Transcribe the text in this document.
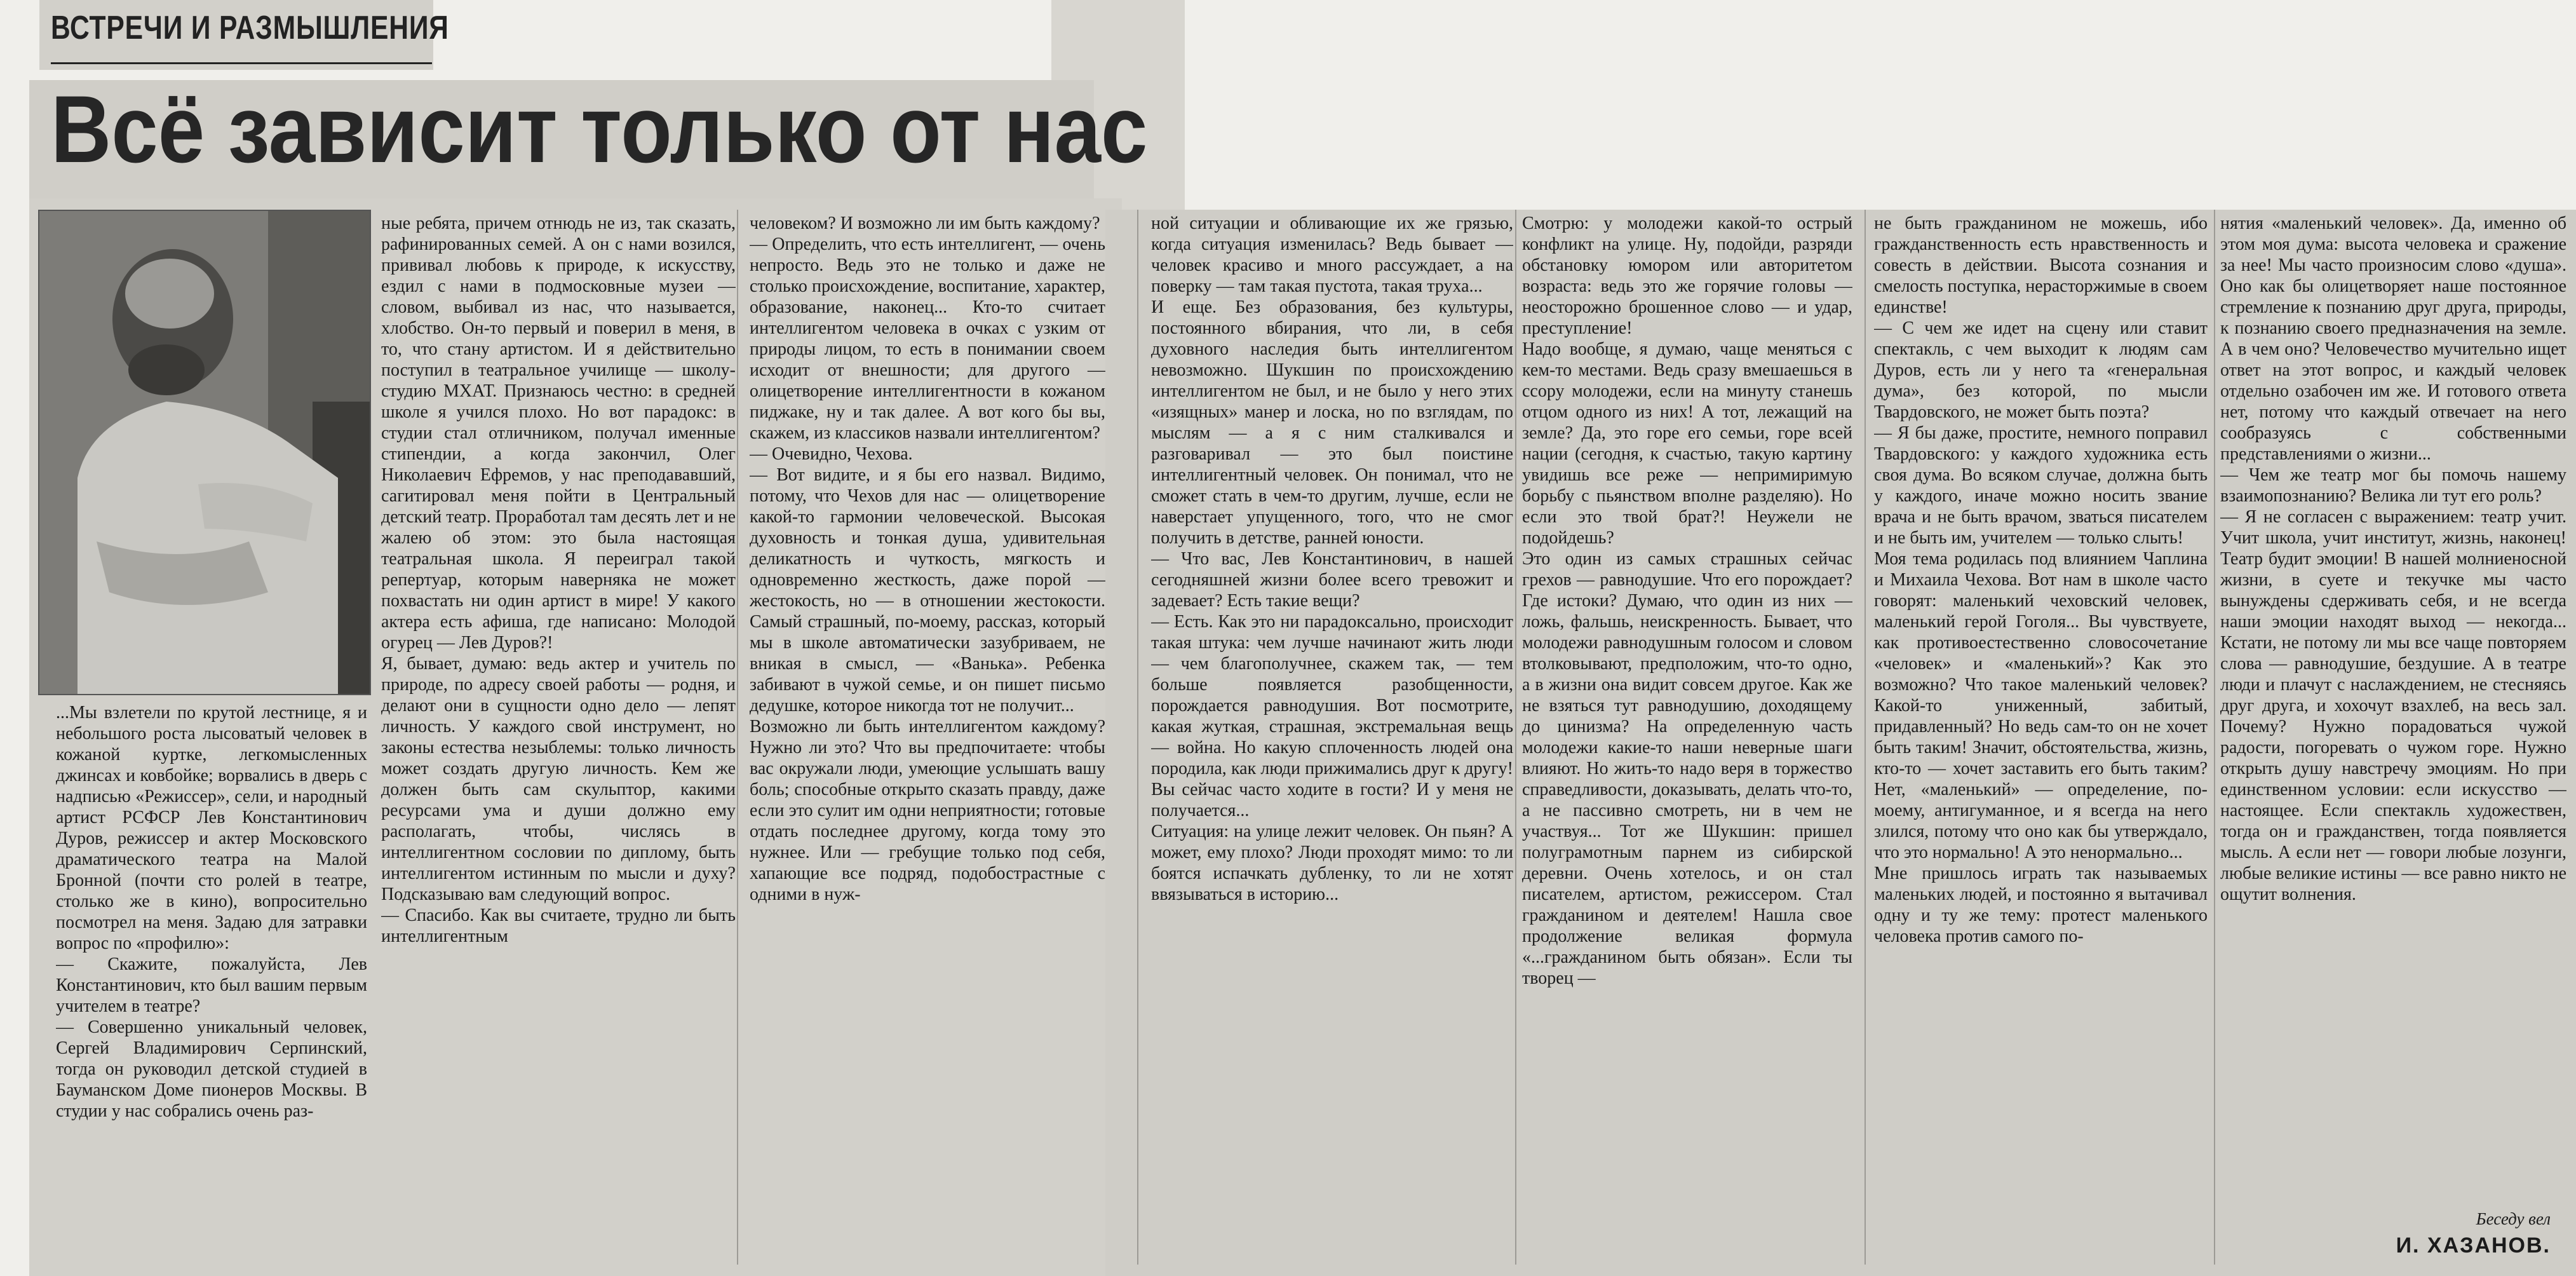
ВСТРЕЧИ И РАЗМЫШЛЕНИЯ
Всё зависит только от нас
...Мы взлетели по крутой лестнице, я и небольшого роста лысоватый человек в кожаной куртке, легкомысленных джинсах и ковбойке; ворвались в дверь с надписью «Режиссер», сели, и народный артист РСФСР Лев Константинович Дуров, режиссер и актер Московского драматического театра на Малой Бронной (почти сто ролей в театре, столько же в кино), вопросительно посмотрел на меня. Задаю для затравки вопрос по «профилю»:
— Скажите, пожалуйста, Лев Константинович, кто был вашим первым учителем в театре?
— Совершенно уникальный человек, Сергей Владимирович Серпинский, тогда он руководил детской студией в Бауманском Доме пионеров Москвы. В студии у нас собрались очень раз-
ные ребята, причем отнюдь не из, так сказать, рафинированных семей. А он с нами возился, прививал любовь к природе, к искусству, ездил с нами в подмосковные музеи — словом, выбивал из нас, что называется, хлобство. Он-то первый и поверил в меня, в то, что стану артистом. И я действительно поступил в театральное училище — школу-студию МХАТ. Признаюсь честно: в средней школе я учился плохо. Но вот парадокс: в студии стал отличником, получал именные стипендии, а когда закончил, Олег Николаевич Ефремов, у нас преподававший, сагитировал меня пойти в Центральный детский театр. Проработал там десять лет и не жалею об этом: это была настоящая театральная школа. Я переиграл такой репертуар, которым наверняка не может похвастать ни один артист в мире! У какого актера есть афиша, где написано: Молодой огурец — Лев Дуров?!
Я, бывает, думаю: ведь актер и учитель по природе, по адресу своей работы — родня, и делают они в сущности одно дело — лепят личность. У каждого свой инструмент, но законы естества незыблемы: только личность может создать другую личность. Кем же должен быть сам скульптор, какими ресурсами ума и души должно ему располагать, чтобы, числясь в интеллигентном сословии по диплому, быть интеллигентом истинным по мысли и духу? Подсказываю вам следующий вопрос.
— Спасибо. Как вы считаете, трудно ли быть интеллигентным
человеком? И возможно ли им быть каждому?
— Определить, что есть интеллигент, — очень непросто. Ведь это не только и даже не столько происхождение, воспитание, характер, образование, наконец... Кто-то считает интеллигентом человека в очках с узким от природы лицом, то есть в понимании своем исходит от внешности; для другого — олицетворение интеллигентности в кожаном пиджаке, ну и так далее. А вот кого бы вы, скажем, из классиков назвали интеллигентом?
— Очевидно, Чехова.
— Вот видите, и я бы его назвал. Видимо, потому, что Чехов для нас — олицетворение какой-то гармонии человеческой. Высокая духовность и тонкая душа, удивительная деликатность и чуткость, мягкость и одновременно жесткость, даже порой — жестокость, но — в отношении жестокости. Самый страшный, по-моему, рассказ, который мы в школе автоматически зазубриваем, не вникая в смысл, — «Ванька». Ребенка забивают в чужой семье, и он пишет письмо дедушке, которое никогда тот не получит...
Возможно ли быть интеллигентом каждому? Нужно ли это? Что вы предпочитаете: чтобы вас окружали люди, умеющие услышать вашу боль; способные открыто сказать правду, даже если это сулит им одни неприятности; готовые отдать последнее другому, когда тому это нужнее. Или — гребущие только под себя, хапающие все подряд, подобострастные с одними в нуж-
ной ситуации и обливающие их же грязью, когда ситуация изменилась? Ведь бывает — человек красиво и много рассуждает, а на поверку — там такая пустота, такая труха...
И еще. Без образования, без культуры, постоянного вбирания, что ли, в себя духовного наследия быть интеллигентом невозможно. Шукшин по происхождению интеллигентом не был, и не было у него этих «изящных» манер и лоска, но по взглядам, по мыслям — а я с ним сталкивался и разговаривал — это был поистине интеллигентный человек. Он понимал, что не сможет стать в чем-то другим, лучше, если не наверстает упущенного, того, что не смог получить в детстве, ранней юности.
— Что вас, Лев Константинович, в нашей сегодняшней жизни более всего тревожит и задевает? Есть такие вещи?
— Есть. Как это ни парадоксально, происходит такая штука: чем лучше начинают жить люди — чем благополучнее, скажем так, — тем больше появляется разобщенности, порождается равнодушия. Вот посмотрите, какая жуткая, страшная, экстремальная вещь — война. Но какую сплоченность людей она породила, как люди прижимались друг к другу! Вы сейчас часто ходите в гости? И у меня не получается...
Ситуация: на улице лежит человек. Он пьян? А может, ему плохо? Люди проходят мимо: то ли боятся испачкать дубленку, то ли не хотят ввязываться в историю...
Смотрю: у молодежи какой-то острый конфликт на улице. Ну, подойди, разряди обстановку юмором или авторитетом возраста: ведь это же горячие головы — неосторожно брошенное слово — и удар, преступление!
Надо вообще, я думаю, чаще меняться с кем-то местами. Ведь сразу вмешаешься в ссору молодежи, если на минуту станешь отцом одного из них! А тот, лежащий на земле? Да, это горе его семьи, горе всей нации (сегодня, к счастью, такую картину увидишь все реже — непримиримую борьбу с пьянством вполне разделяю). Но если это твой брат?! Неужели не подойдешь?
Это один из самых страшных сейчас грехов — равнодушие. Что его порождает? Где истоки? Думаю, что один из них — ложь, фальшь, неискренность. Бывает, что молодежи равнодушным голосом и словом втолковывают, предположим, что-то одно, а в жизни она видит совсем другое. Как же не взяться тут равнодушию, доходящему до цинизма? На определенную часть молодежи какие-то наши неверные шаги влияют. Но жить-то надо веря в торжество справедливости, доказывать, делать что-то, а не пассивно смотреть, ни в чем не участвуя... Тот же Шукшин: пришел полуграмотным парнем из сибирской деревни. Очень хотелось, и он стал писателем, артистом, режиссером. Стал гражданином и деятелем! Нашла свое продолжение великая формула «...гражданином быть обязан». Если ты творец —
не быть гражданином не можешь, ибо гражданственность есть нравственность и совесть в действии. Высота сознания и смелость поступка, нерасторжимые в своем единстве!
— С чем же идет на сцену или ставит спектакль, с чем выходит к людям сам Дуров, есть ли у него та «генеральная дума», без которой, по мысли Твардовского, не может быть поэта?
— Я бы даже, простите, немного поправил Твардовского: у каждого художника есть своя дума. Во всяком случае, должна быть у каждого, иначе можно носить звание врача и не быть врачом, зваться писателем и не быть им, учителем — только слыть!
Моя тема родилась под влиянием Чаплина и Михаила Чехова. Вот нам в школе часто говорят: маленький чеховский человек, маленький герой Гоголя... Вы чувствуете, как противоестественно словосочетание «человек» и «маленький»? Как это возможно? Что такое маленький человек? Какой-то униженный, забитый, придавленный? Но ведь сам-то он не хочет быть таким! Значит, обстоятельства, жизнь, кто-то — хочет заставить его быть таким? Нет, «маленький» — определение, по-моему, антигуманное, и я всегда на него злился, потому что оно как бы утверждало, что это нормально! А это ненормально...
Мне пришлось играть так называемых маленьких людей, и постоянно я вытачивал одну и ту же тему: протест маленького человека против самого по-
нятия «маленький человек». Да, именно об этом моя дума: высота человека и сражение за нее! Мы часто произносим слово «душа». Оно как бы олицетворяет наше постоянное стремление к познанию друг друга, природы, к познанию своего предназначения на земле. А в чем оно? Человечество мучительно ищет ответ на этот вопрос, и каждый человек отдельно озабочен им же. И готового ответа нет, потому что каждый отвечает на него сообразуясь с собственными представлениями о жизни...
— Чем же театр мог бы помочь нашему взаимопознанию? Велика ли тут его роль?
— Я не согласен с выражением: театр учит. Учит школа, учит институт, жизнь, наконец! Театр будит эмоции! В нашей молниеносной жизни, в суете и текучке мы часто вынуждены сдерживать себя, и не всегда наши эмоции находят выход — некогда... Кстати, не потому ли мы все чаще повторяем слова — равнодушие, бездушие. А в театре люди и плачут с наслаждением, не стесняясь друг друга, и хохочут взахлеб, на весь зал. Почему? Нужно порадоваться чужой радости, погоревать о чужом горе. Нужно открыть душу навстречу эмоциям. Но при единственном условии: если искусство — настоящее. Если спектакль художествен, тогда он и гражданствен, тогда появляется мысль. А если нет — говори любые лозунги, любые великие истины — все равно никто не ощутит волнения.
Беседу вел
И. ХАЗАНОВ.
